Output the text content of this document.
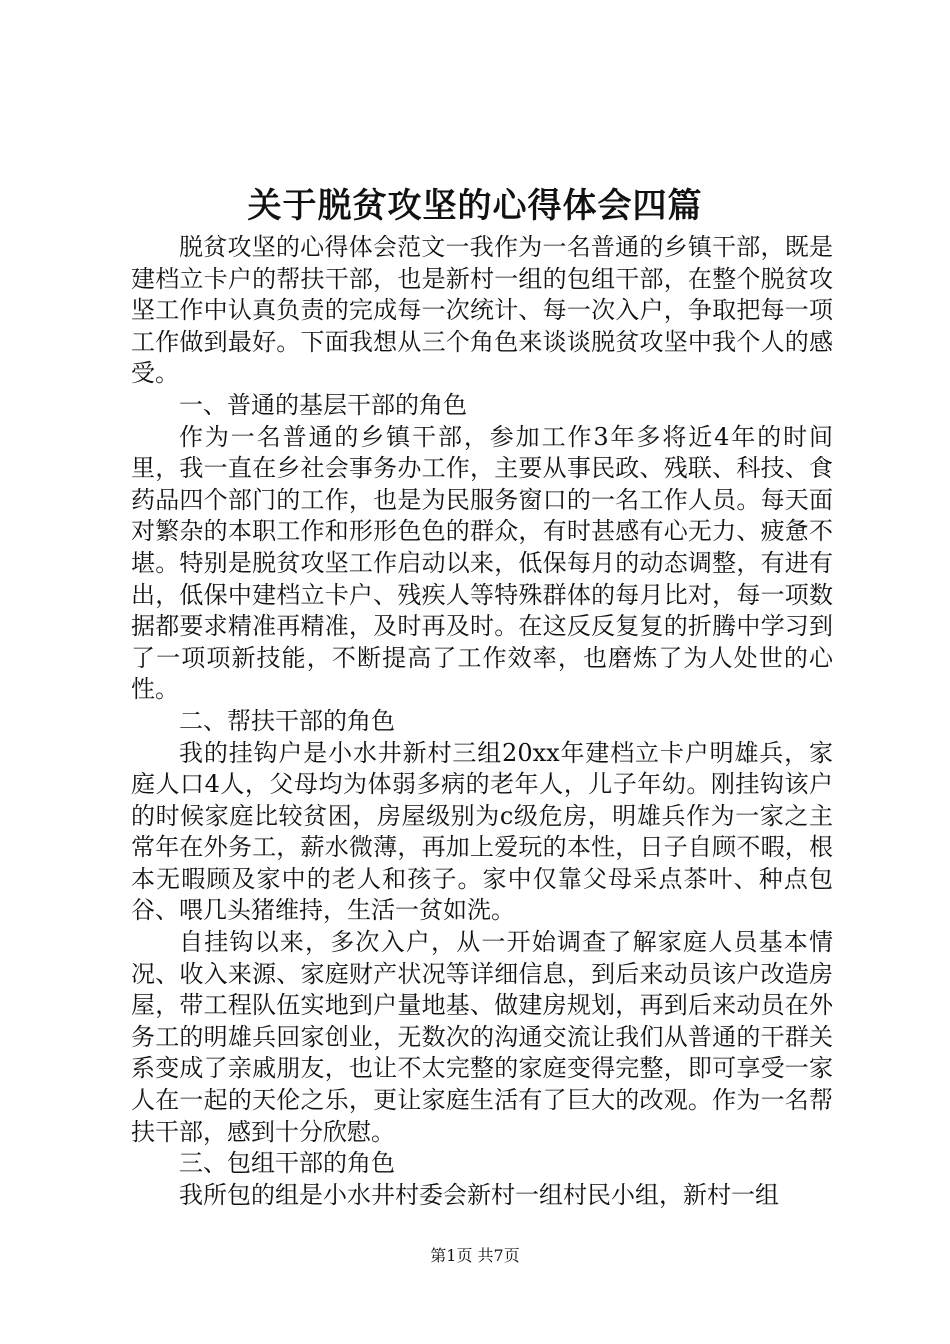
关于脱贫攻坚的心得体会四篇

脱贫攻坚的心得体会范文一我作为一名普通的乡镇干部，既是建档立卡户的帮扶干部，也是新村一组的包组干部，在整个脱贫攻坚工作中认真负责的完成每一次统计、每一次入户，争取把每一项工作做到最好。下面我想从三个角色来谈谈脱贫攻坚中我个人的感受。

一、普通的基层干部的角色

作为一名普通的乡镇干部，参加工作3年多将近4年的时间里，我一直在乡社会事务办工作，主要从事民政、残联、科技、食药品四个部门的工作，也是为民服务窗口的一名工作人员。每天面对繁杂的本职工作和形形色色的群众，有时甚感有心无力、疲惫不堪。特别是脱贫攻坚工作启动以来，低保每月的动态调整，有进有出，低保中建档立卡户、残疾人等特殊群体的每月比对，每一项数据都要求精准再精准，及时再及时。在这反反复复的折腾中学习到了一项项新技能，不断提高了工作效率，也磨炼了为人处世的心性。

二、帮扶干部的角色

我的挂钩户是小水井新村三组20xx年建档立卡户明雄兵，家庭人口4人，父母均为体弱多病的老年人，儿子年幼。刚挂钩该户的时候家庭比较贫困，房屋级别为c级危房，明雄兵作为一家之主常年在外务工，薪水微薄，再加上爱玩的本性，日子自顾不暇，根本无暇顾及家中的老人和孩子。家中仅靠父母采点茶叶、种点包谷、喂几头猪维持，生活一贫如洗。

自挂钩以来，多次入户，从一开始调查了解家庭人员基本情况、收入来源、家庭财产状况等详细信息，到后来动员该户改造房屋，带工程队伍实地到户量地基、做建房规划，再到后来动员在外务工的明雄兵回家创业，无数次的沟通交流让我们从普通的干群关系变成了亲戚朋友，也让不太完整的家庭变得完整，即可享受一家人在一起的天伦之乐，更让家庭生活有了巨大的改观。作为一名帮扶干部，感到十分欣慰。

三、包组干部的角色

我所包的组是小水井村委会新村一组村民小组，新村一组

第1页 共7页
